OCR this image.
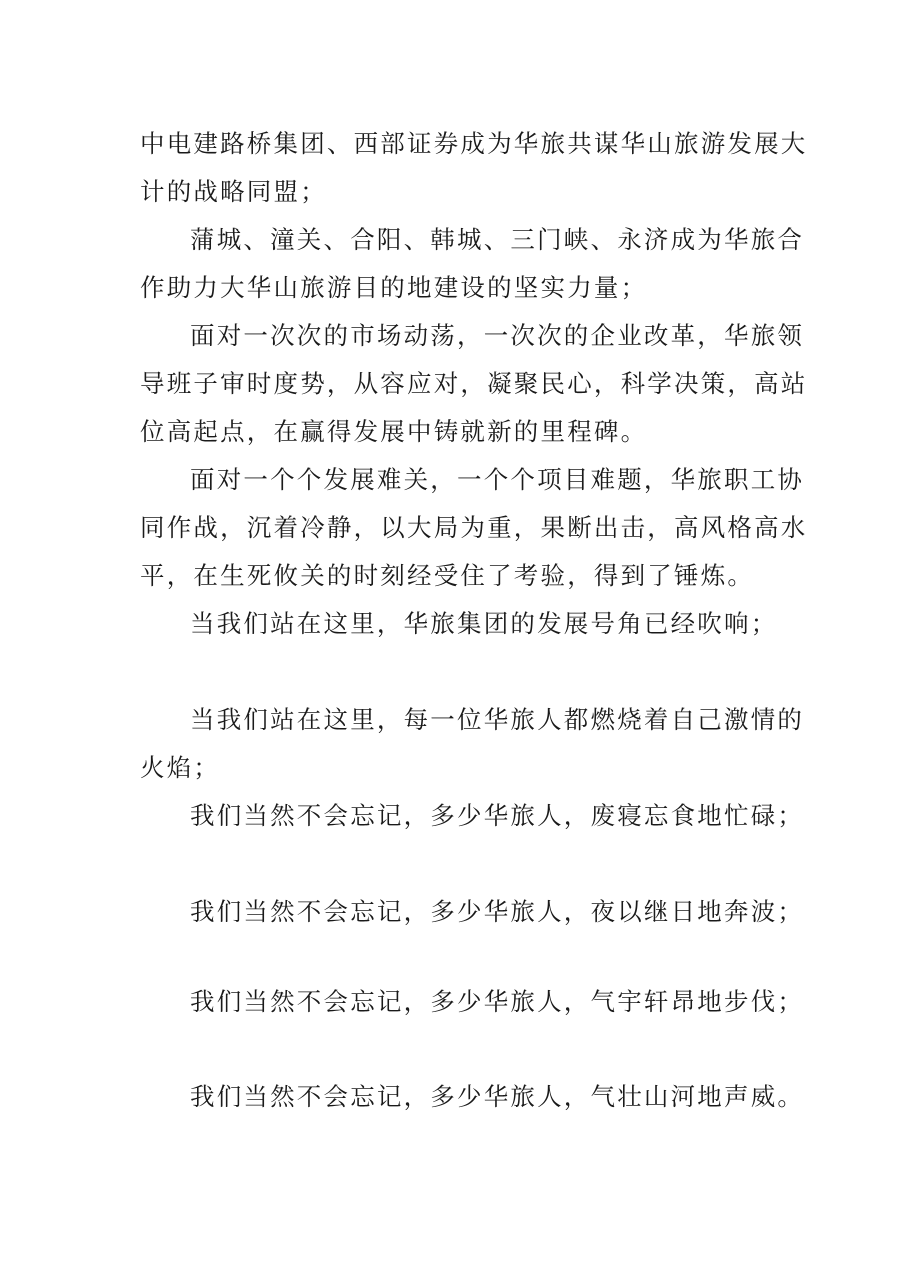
中电建路桥集团、西部证券成为华旅共谋华山旅游发展大
计的战略同盟；
蒲城、潼关、合阳、韩城、三门峡、永济成为华旅合
作助力大华山旅游目的地建设的坚实力量；
面对一次次的市场动荡，一次次的企业改革，华旅领
导班子审时度势，从容应对，凝聚民心，科学决策，高站
位高起点，在赢得发展中铸就新的里程碑。
面对一个个发展难关，一个个项目难题，华旅职工协
同作战，沉着冷静，以大局为重，果断出击，高风格高水
平，在生死攸关的时刻经受住了考验，得到了锤炼。
当我们站在这里，华旅集团的发展号角已经吹响；
当我们站在这里，每一位华旅人都燃烧着自己激情的
火焰；
我们当然不会忘记，多少华旅人，废寝忘食地忙碌；
我们当然不会忘记，多少华旅人，夜以继日地奔波；
我们当然不会忘记，多少华旅人，气宇轩昂地步伐；
我们当然不会忘记，多少华旅人，气壮山河地声威。
